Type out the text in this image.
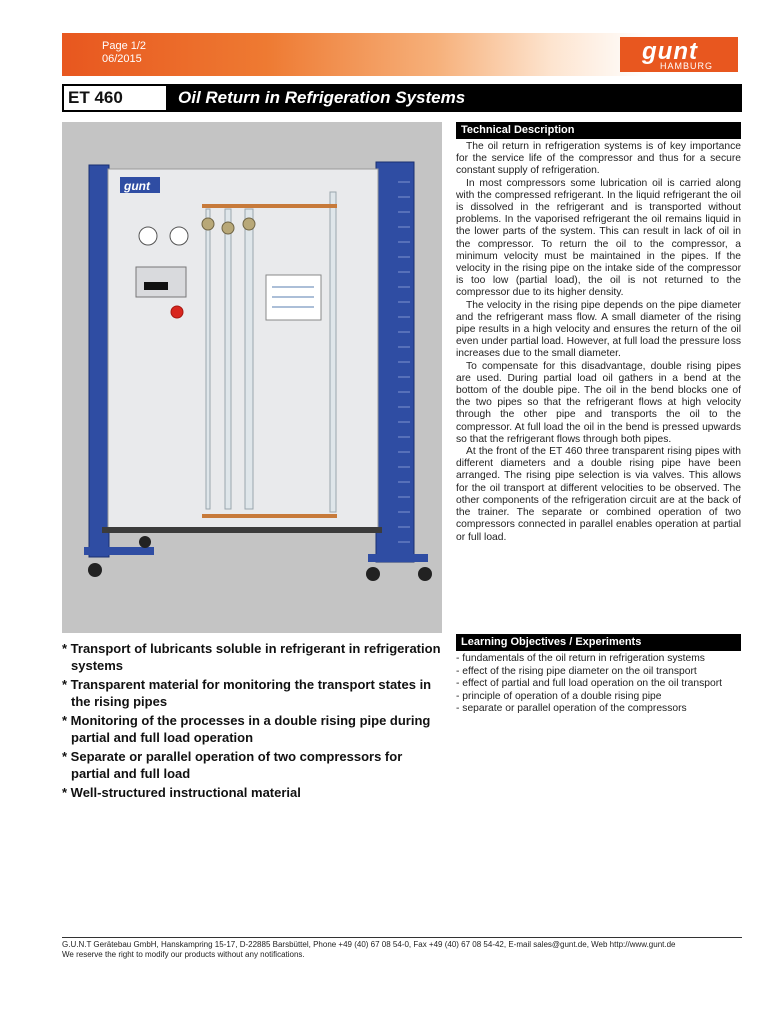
Page 1/2
06/2015	gunt
HAMBURG
ET 460	Oil Return in Refrigeration Systems
gunt
Technical Description

The oil return in refrigeration systems is of key importance for the service life of the compressor and thus for a secure constant supply of refrigeration.

In most compressors some lubrication oil is carried along with the compressed refrigerant. In the liquid refrigerant the oil is dissolved in the refrigerant and is transported without problems. In the vaporised refrigerant the oil remains liquid in the lower parts of the system. This can result in lack of oil in the compressor. To return the oil to the compressor, a minimum velocity must be maintained in the pipes. If the velocity in the rising pipe on the intake side of the compressor is too low (partial load), the oil is not returned to the compressor due to its higher density.

The velocity in the rising pipe depends on the pipe diameter and the refrigerant mass flow. A small diameter of the rising pipe results in a high velocity and ensures the return of the oil even under partial load. However, at full load the pressure loss increases due to the small diameter.

To compensate for this disadvantage, double rising pipes are used. During partial load oil gathers in a bend at the bottom of the double pipe. The oil in the bend blocks one of the two pipes so that the refrigerant flows at high velocity through the other pipe and transports the oil to the compressor. At full load the oil in the bend is pressed upwards so that the refrigerant flows through both pipes.

At the front of the ET 460 three transparent rising pipes with different diameters and a double rising pipe have been arranged. The rising pipe selection is via valves. This allows for the oil transport at different velocities to be observed. The other components of the refrigeration circuit are at the back of the trainer. The separate or combined operation of two compressors connected in parallel enables operation at partial or full load.

* Transport of lubricants soluble in refrigerant in refrigeration systems
* Transparent material for monitoring the transport states in the rising pipes
* Monitoring of the processes in a double rising pipe during partial and full load operation
* Separate or parallel operation of two compressors for partial and full load
* Well-structured instructional material
Learning Objectives / Experiments
- fundamentals of the oil return in refrigeration systems
- effect of the rising pipe diameter on the oil transport
- effect of partial and full load operation on the oil transport
- principle of operation of a double rising pipe
- separate or parallel operation of the compressors
G.U.N.T Gerätebau GmbH, Hanskampring 15-17, D-22885 Barsbüttel, Phone +49 (40) 67 08 54-0, Fax +49 (40) 67 08 54-42, E-mail sales@gunt.de, Web http://www.gunt.de
We reserve the right to modify our products without any notifications.
